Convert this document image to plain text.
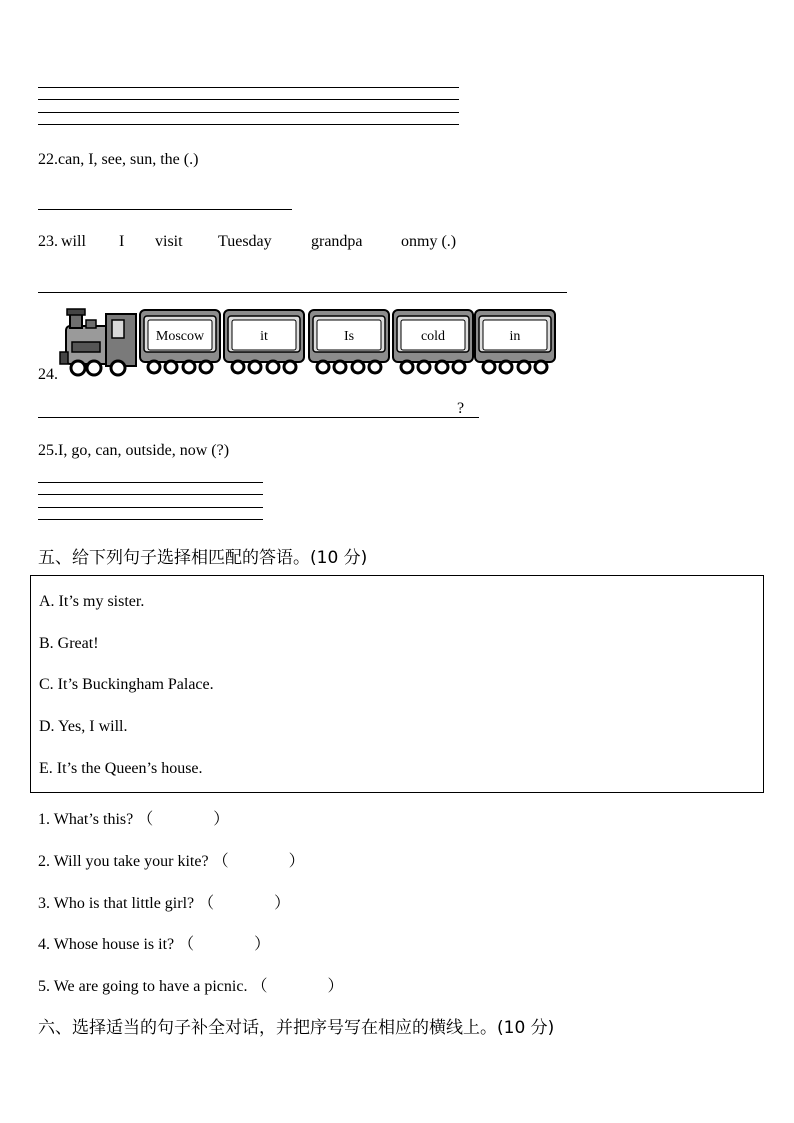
22.can, I, see, sun, the (.)
23. will I visit Tuesday grandpa onmy (.)
24.
Moscow	it	Is	cold	in
?
25.I, go, can, outside, now (?)
五、给下列句子选择相匹配的答语。(10 分)
A. It’s my sister.
B. Great!
C. It’s Buckingham Palace.
D. Yes, I will.
E. It’s the Queen’s house.
1. What’s this? （	）
2. Will you take your kite? （	）
3. Who is that little girl? （	）
4. Whose house is it? （	）
5. We are going to have a picnic. （	）
六、选择适当的句子补全对话，并把序号写在相应的横线上。(10 分)
